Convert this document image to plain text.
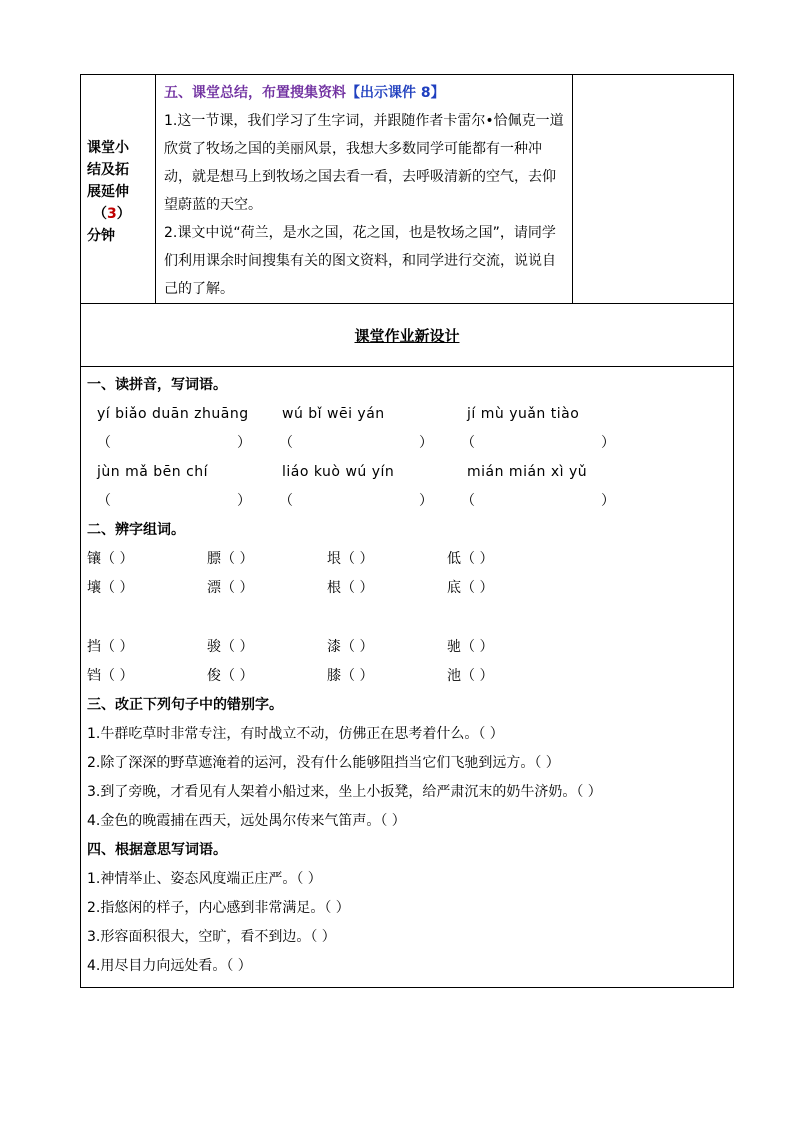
课堂小
结及拓
展延伸
（3）
分钟

五、课堂总结，布置搜集资料【出示课件 8】
1.这一节课，我们学习了生字词，并跟随作者卡雷尔•恰佩克一道欣赏了牧场之国的美丽风景，我想大多数同学可能都有一种冲动，就是想马上到牧场之国去看一看，去呼吸清新的空气，去仰望蔚蓝的天空。
2.课文中说“荷兰，是水之国，花之国，也是牧场之国”，请同学们利用课余时间搜集有关的图文资料，和同学进行交流，说说自己的了解。

课堂作业新设计

一、读拼音，写词语。
yí biǎo duān zhuāng	wú bǐ wēi yán	jí mù yuǎn tiào
（	）	（	）	（	）
jùn mǎ bēn chí	liáo kuò wú yín	mián mián xì yǔ
（	）	（	）	（	）
二、辨字组词。
镶（ ）	膘（ ）	垠（ ）	低（ ）
壤（ ）	漂（ ）	根（ ）	底（ ）
挡（ ）	骏（ ）	漆（ ）	驰（ ）
铛（ ）	俊（ ）	膝（ ）	池（ ）
三、改正下列句子中的错别字。
1.牛群吃草时非常专注，有时战立不动，仿佛正在思考着什么。（ ）
2.除了深深的野草遮淹着的运河，没有什么能够阻挡当它们飞驰到远方。（ ）
3.到了旁晚，才看见有人架着小船过来，坐上小扳凳，给严肃沉末的奶牛济奶。（ ）
4.金色的晚霞捕在西天，远处禺尔传来气笛声。（ ）
四、根据意思写词语。
1.神情举止、姿态风度端正庄严。（ ）
2.指悠闲的样子，内心感到非常满足。（ ）
3.形容面积很大，空旷，看不到边。（ ）
4.用尽目力向远处看。（ ）
